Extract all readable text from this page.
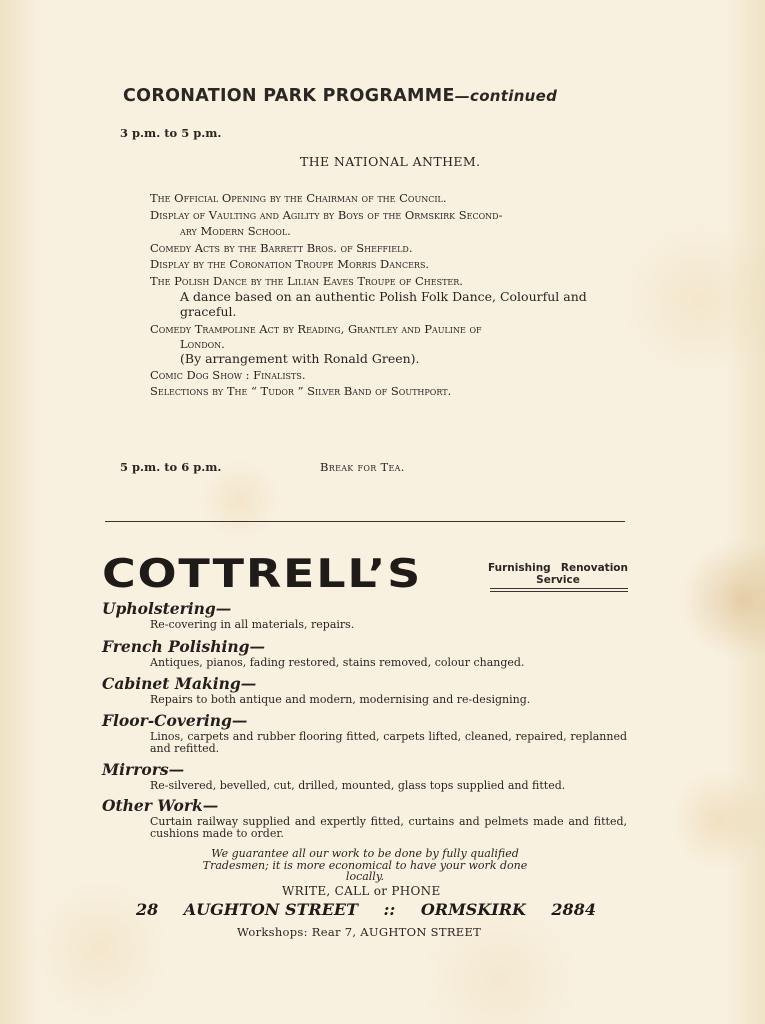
CORONATION PARK PROGRAMME—continued
3 p.m. to 5 p.m.
THE NATIONAL ANTHEM.
The Official Opening by the Chairman of the Council.
Display of Vaulting and Agility by Boys of the Ormskirk Second-
ary Modern School.
Comedy Acts by the Barrett Bros. of Sheffield.
Display by the Coronation Troupe Morris Dancers.
The Polish Dance by the Lilian Eaves Troupe of Chester.
A dance based on an authentic Polish Folk Dance, Colourful and graceful.
Comedy Trampoline Act by Reading, Grantley and Pauline of
London.
(By arrangement with Ronald Green).
Comic Dog Show : Finalists.
Selections by The “ Tudor ” Silver Band of Southport.
5 p.m. to 6 p.m.	Break for Tea.
COTTRELL’S	Furnishing Renovation
Service
Upholstering—
Re-covering in all materials, repairs.
French Polishing—
Antiques, pianos, fading restored, stains removed, colour changed.
Cabinet Making—
Repairs to both antique and modern, modernising and re-designing.
Floor-Covering—
Linos, carpets and rubber flooring fitted, carpets lifted, cleaned, repaired, replanned and refitted.
Mirrors—
Re-silvered, bevelled, cut, drilled, mounted, glass tops supplied and fitted.
Other Work—
Curtain railway supplied and expertly fitted, curtains and pelmets made and fitted, cushions made to order.
We guarantee all our work to be done by fully qualified Tradesmen; it is more economical to have your work done locally.
WRITE, CALL or PHONE
28 AUGHTON STREET :: ORMSKIRK 2884
Workshops: Rear 7, AUGHTON STREET
